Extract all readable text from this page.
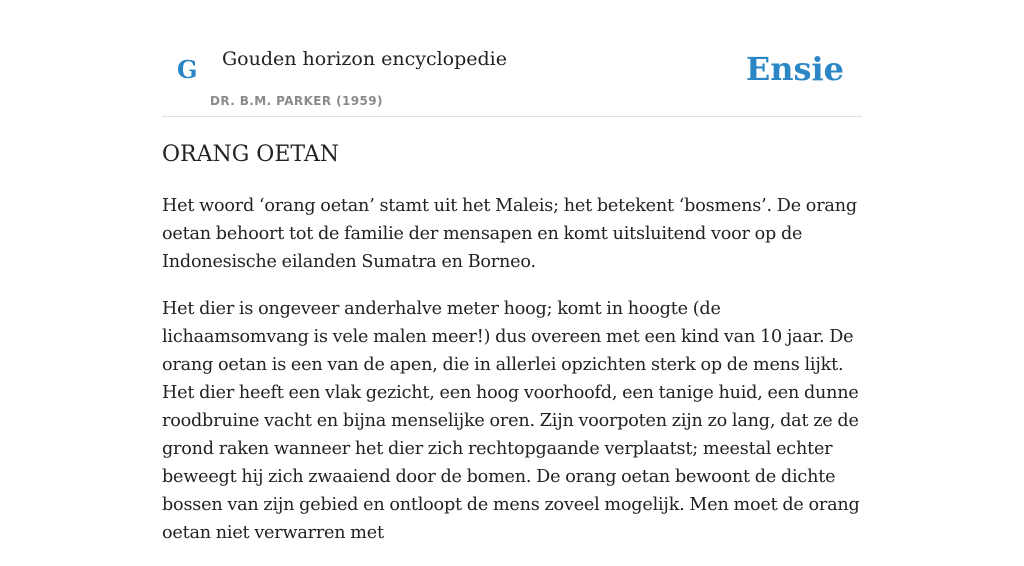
G Gouden horizon encyclopedie
DR. B.M. PARKER (1959)
Ensie
ORANG OETAN

Het woord ‘orang oetan’ stamt uit het Maleis; het betekent ‘bosmens’. De orang oetan behoort tot de familie der mensapen en komt uitsluitend voor op de Indonesische eilanden Sumatra en Borneo.

Het dier is ongeveer anderhalve meter hoog; komt in hoogte (de lichaamsomvang is vele malen meer!) dus overeen met een kind van 10 jaar. De orang oetan is een van de apen, die in allerlei opzichten sterk op de mens lijkt. Het dier heeft een vlak gezicht, een hoog voorhoofd, een tanige huid, een dunne roodbruine vacht en bijna menselijke oren. Zijn voorpoten zijn zo lang, dat ze de grond raken wanneer het dier zich rechtopgaande verplaatst; meestal echter beweegt hij zich zwaaiend door de bomen. De orang oetan bewoont de dichte bossen van zijn gebied en ontloopt de mens zoveel mogelijk. Men moet de orang oetan niet verwarren met
